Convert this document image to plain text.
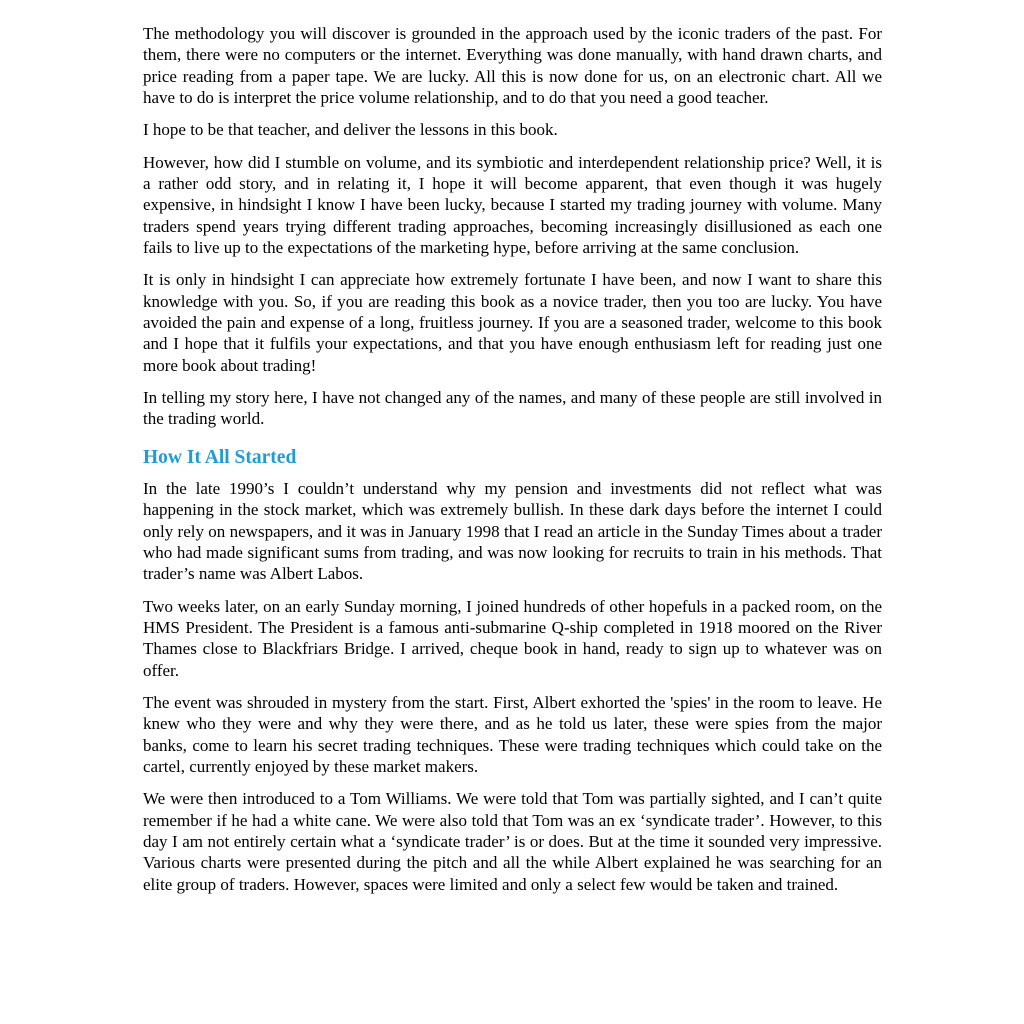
The methodology you will discover is grounded in the approach used by the iconic traders of the past. For them, there were no computers or the internet. Everything was done manually, with hand drawn charts, and price reading from a paper tape. We are lucky. All this is now done for us, on an electronic chart. All we have to do is interpret the price volume relationship, and to do that you need a good teacher.

I hope to be that teacher, and deliver the lessons in this book.

However, how did I stumble on volume, and its symbiotic and interdependent relationship price? Well, it is a rather odd story, and in relating it, I hope it will become apparent, that even though it was hugely expensive, in hindsight I know I have been lucky, because I started my trading journey with volume. Many traders spend years trying different trading approaches, becoming increasingly disillusioned as each one fails to live up to the expectations of the marketing hype, before arriving at the same conclusion.

It is only in hindsight I can appreciate how extremely fortunate I have been, and now I want to share this knowledge with you. So, if you are reading this book as a novice trader, then you too are lucky. You have avoided the pain and expense of a long, fruitless journey. If you are a seasoned trader, welcome to this book and I hope that it fulfils your expectations, and that you have enough enthusiasm left for reading just one more book about trading!

In telling my story here, I have not changed any of the names, and many of these people are still involved in the trading world.

How It All Started

In the late 1990’s I couldn’t understand why my pension and investments did not reflect what was happening in the stock market, which was extremely bullish. In these dark days before the internet I could only rely on newspapers, and it was in January 1998 that I read an article in the Sunday Times about a trader who had made significant sums from trading, and was now looking for recruits to train in his methods. That trader’s name was Albert Labos.

Two weeks later, on an early Sunday morning, I joined hundreds of other hopefuls in a packed room, on the HMS President. The President is a famous anti-submarine Q-ship completed in 1918 moored on the River Thames close to Blackfriars Bridge. I arrived, cheque book in hand, ready to sign up to whatever was on offer.

The event was shrouded in mystery from the start. First, Albert exhorted the 'spies' in the room to leave. He knew who they were and why they were there, and as he told us later, these were spies from the major banks, come to learn his secret trading techniques. These were trading techniques which could take on the cartel, currently enjoyed by these market makers.

We were then introduced to a Tom Williams. We were told that Tom was partially sighted, and I can’t quite remember if he had a white cane. We were also told that Tom was an ex ‘syndicate trader’. However, to this day I am not entirely certain what a ‘syndicate trader’ is or does. But at the time it sounded very impressive. Various charts were presented during the pitch and all the while Albert explained he was searching for an elite group of traders. However, spaces were limited and only a select few would be taken and trained.
